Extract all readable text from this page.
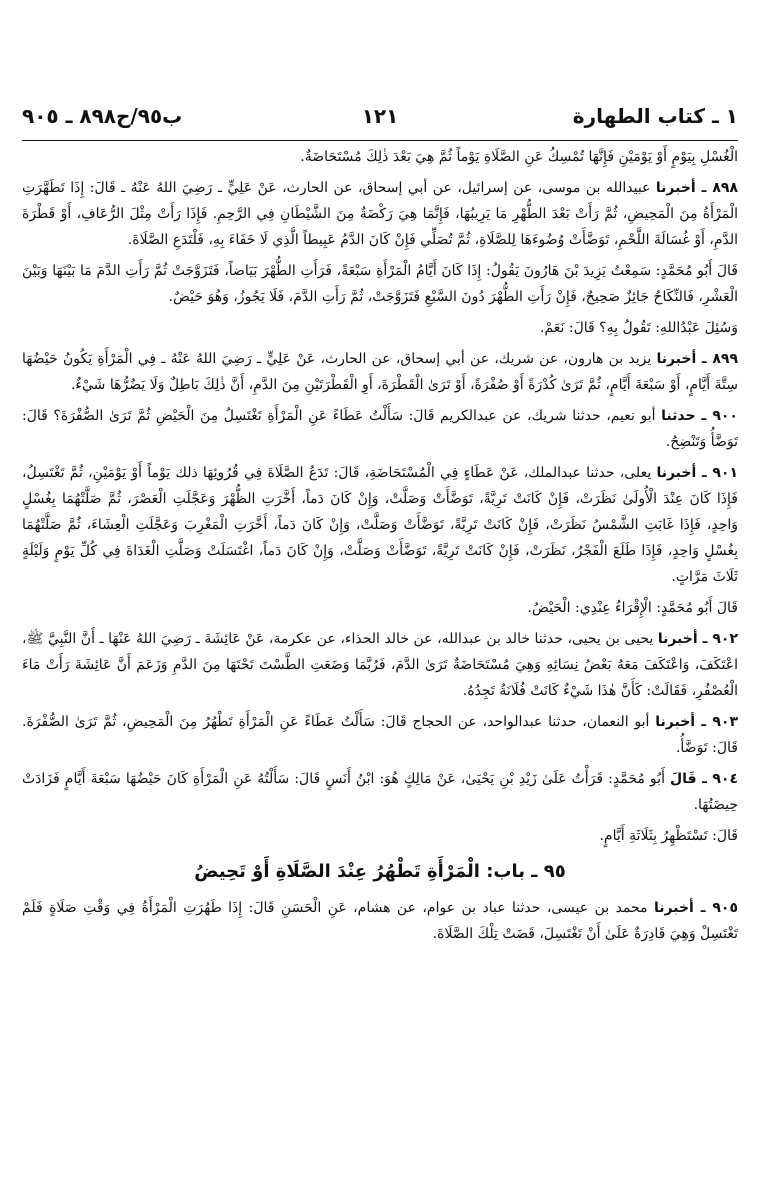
١ ـ كتاب الطهارة
١٢١
ب٩٥/ح٨٩٨ ـ ٩٠٥

الْغُسْلِ بِيَوْمٍ أَوْ يَوْمَيْنِ فَإِنَّهَا تُمْسِكُ عَنِ الصَّلَاةِ يَوْماً ثُمَّ هِيَ بَعْدَ ذٰلِكَ مُسْتَحَاضَةٌ.

٨٩٨ ـ أخبرنا عبيدالله بن موسى، عن إسرائيل، عن أبي إسحاق، عن الحارث، عَنْ عَلِيٍّ ـ رَضِيَ اللهُ عَنْهُ ـ قَالَ: إِذَا تَطَهَّرَتِ الْمَرْأَةُ مِنَ الْمَحِيضِ، ثُمَّ رَأَتْ بَعْدَ الطُّهْرِ مَا يَرِيبُهَا، فَإِنَّمَا هِيَ رَكْضَةٌ مِنَ الشَّيْطَانِ فِي الرَّحِمِ. فَإِذَا رَأَتْ مِثْلَ الرُّعَافِ، أَوْ قَطْرَةَ الدَّمِ، أَوْ غُسَالَةَ اللَّحْمِ، تَوَضَّأَتْ وُضُوءَهَا لِلصَّلَاةِ، ثُمَّ تُصَلِّي فَإِنْ كَانَ الدَّمُ عَبِيطاً الَّذِي لَا خَفَاءَ بِهِ، فَلْتَدَعِ الصَّلَاةَ.

قَالَ أَبُو مُحَمَّدٍ: سَمِعْتُ يَزِيدَ بْنَ هَارُونَ يَقُولُ: إِذَا كَانَ أَيَّامُ الْمَرْأَةِ سَبْعَةً، فَرَأَتِ الطُّهْرَ بَيَاضاً، فَتَزَوَّجَتْ ثُمَّ رَأَتِ الدَّمَ مَا بَيْنَهَا وَبَيْنَ الْعَشْرِ، فَالنِّكَاحُ جَائِزٌ صَحِيحٌ، فَإِنْ رَأَتِ الطُّهْرَ دُونَ السَّبْعِ فَتَزَوَّجَتْ، ثُمَّ رَأَتِ الدَّمَ، فَلَا يَجُوزُ، وَهُوَ حَيْضٌ.

وَسُئِلَ عَبْدُاللهِ: تَقُولُ بِهِ؟ قَالَ: نَعَمْ.

٨٩٩ ـ أخبرنا يزيد بن هارون، عن شريك، عن أبي إسحاق، عن الحارث، عَنْ عَلِيٍّ ـ رَضِيَ اللهُ عَنْهُ ـ فِي الْمَرْأَةِ يَكُونُ حَيْضُهَا سِتَّةَ أَيَّامٍ، أَوْ سَبْعَةَ أَيَّامٍ، ثُمَّ تَرَىٰ كُدْرَةً أَوْ صُفْرَةً، أَوْ تَرَىٰ الْقَطْرَةَ، أَوِ الْقَطْرَتَيْنِ مِنَ الدَّمِ، أَنَّ ذٰلِكَ بَاطِلٌ وَلَا يَضُرُّهَا شَيْءٌ.

٩٠٠ ـ حدثنا أبو نعيم، حدثنا شريك، عن عبدالكريم قَالَ: سَأَلْتُ عَطَاءً عَنِ الْمَرْأَةِ تَغْتَسِلُ مِنَ الْحَيْضِ ثُمَّ تَرَىٰ الصُّفْرَةَ؟ قَالَ: تَوَضَّأُ وَتَنْضِحُ.

٩٠١ ـ أخبرنا يعلى، حدثنا عبدالملك، عَنْ عَطَاءٍ فِي الْمُسْتَحَاضَةِ، قَالَ: تَدَعُ الصَّلَاةَ فِي قُرُوئِهَا ذلك يَوْماً أَوْ يَوْمَيْنِ، ثُمَّ تَغْتَسِلُ، فَإِذَا كَانَ عِنْدَ الْأُولَىٰ نَظَرَتْ، فَإِنْ كَانَتْ تَرِيَّةً، تَوَضَّأَتْ وَصَلَّتْ، وَإِنْ كَانَ دَماً، أَخَّرَتِ الظُّهْرَ وَعَجَّلَتِ الْعَصْرَ، ثُمَّ صَلَّتْهُمَا بِغُسْلٍ وَاحِدٍ، فَإِذَا غَابَتِ الشَّمْسُ نَظَرَتْ، فَإِنْ كَانَتْ تَرِيَّةً، تَوَضَّأَتْ وَصَلَّتْ، وَإِنْ كَانَ دَماً، أَخَّرَتِ الْمَغْرِبَ وَعَجَّلَتِ الْعِشَاءَ، ثُمَّ صَلَّتْهُمَا بِغُسْلٍ وَاحِدٍ، فَإِذَا طَلَعَ الْفَجْرُ، نَظَرَتْ، فَإِنْ كَانَتْ تَرِيَّةً، تَوَضَّأَتْ وَصَلَّتْ، وَإِنْ كَانَ دَماً، اغْتَسَلَتْ وَصَلَّتِ الْغَدَاةَ فِي كُلِّ يَوْمٍ وَلَيْلَةٍ ثَلَاثَ مَرَّاتٍ.

قَالَ أَبُو مُحَمَّدٍ: الْإِقْرَاءُ عِنْدِي: الْحَيْضُ.

٩٠٢ ـ أخبرنا يحيى بن يحيى، حدثنا خالد بن عبدالله، عن خالد الحذاء، عن عكرمة، عَنْ عَائِشَةَ ـ رَضِيَ اللهُ عَنْهَا ـ أَنَّ النَّبِيَّ ﷺ، اعْتَكَفَ، وَاعْتَكَفَ مَعَهُ بَعْضُ نِسَائِهِ وَهِيَ مُسْتَحَاضَةٌ تَرَىٰ الدَّمَ، فَرُبَّمَا وَضَعَتِ الطَّسْتَ تَحْتَهَا مِنَ الدَّمِ وَزَعَمَ أَنَّ عَائِشَةَ رَأَتْ مَاءَ الْعُصْفُرِ، فَقَالَتْ: كَأَنَّ هٰذَا شَيْءٌ كَانَتْ فُلَانَةُ تَجِدُهُ.

٩٠٣ ـ أخبرنا أبو النعمان، حدثنا عبدالواحد، عن الحجاج قَالَ: سَأَلْتُ عَطَاءً عَنِ الْمَرْأَةِ تَطْهُرُ مِنَ الْمَحِيضِ، ثُمَّ تَرَىٰ الصُّفْرَةَ. قَالَ: تَوَضَّأُ.

٩٠٤ ـ قَالَ أَبُو مُحَمَّدٍ: قَرَأْتُ عَلَىٰ زَيْدِ بْنِ يَحْيَىٰ، عَنْ مَالِكٍ هُوَ: ابْنُ أَنَسٍ قَالَ: سَأَلْتُهُ عَنِ الْمَرْأَةِ كَانَ حَيْضُهَا سَبْعَةَ أَيَّامٍ فَزَادَتْ حِيضَتُهَا.

قَالَ: تَسْتَظْهِرُ بِثَلَاثَةِ أَيَّامٍ.

٩٥ ـ باب: الْمَرْأَةِ تَطْهُرُ عِنْدَ الصَّلَاةِ أَوْ تَحِيضُ

٩٠٥ ـ أخبرنا محمد بن عيسى، حدثنا عباد بن عوام، عن هشام، عَنِ الْحَسَنِ قَالَ: إِذَا طَهُرَتِ الْمَرْأَةُ فِي وَقْتِ صَلَاةٍ فَلَمْ تَغْتَسِلْ وَهِيَ قَادِرَةٌ عَلَىٰ أَنْ تَغْتَسِلَ، قَضَتْ تِلْكَ الصَّلَاةَ.
